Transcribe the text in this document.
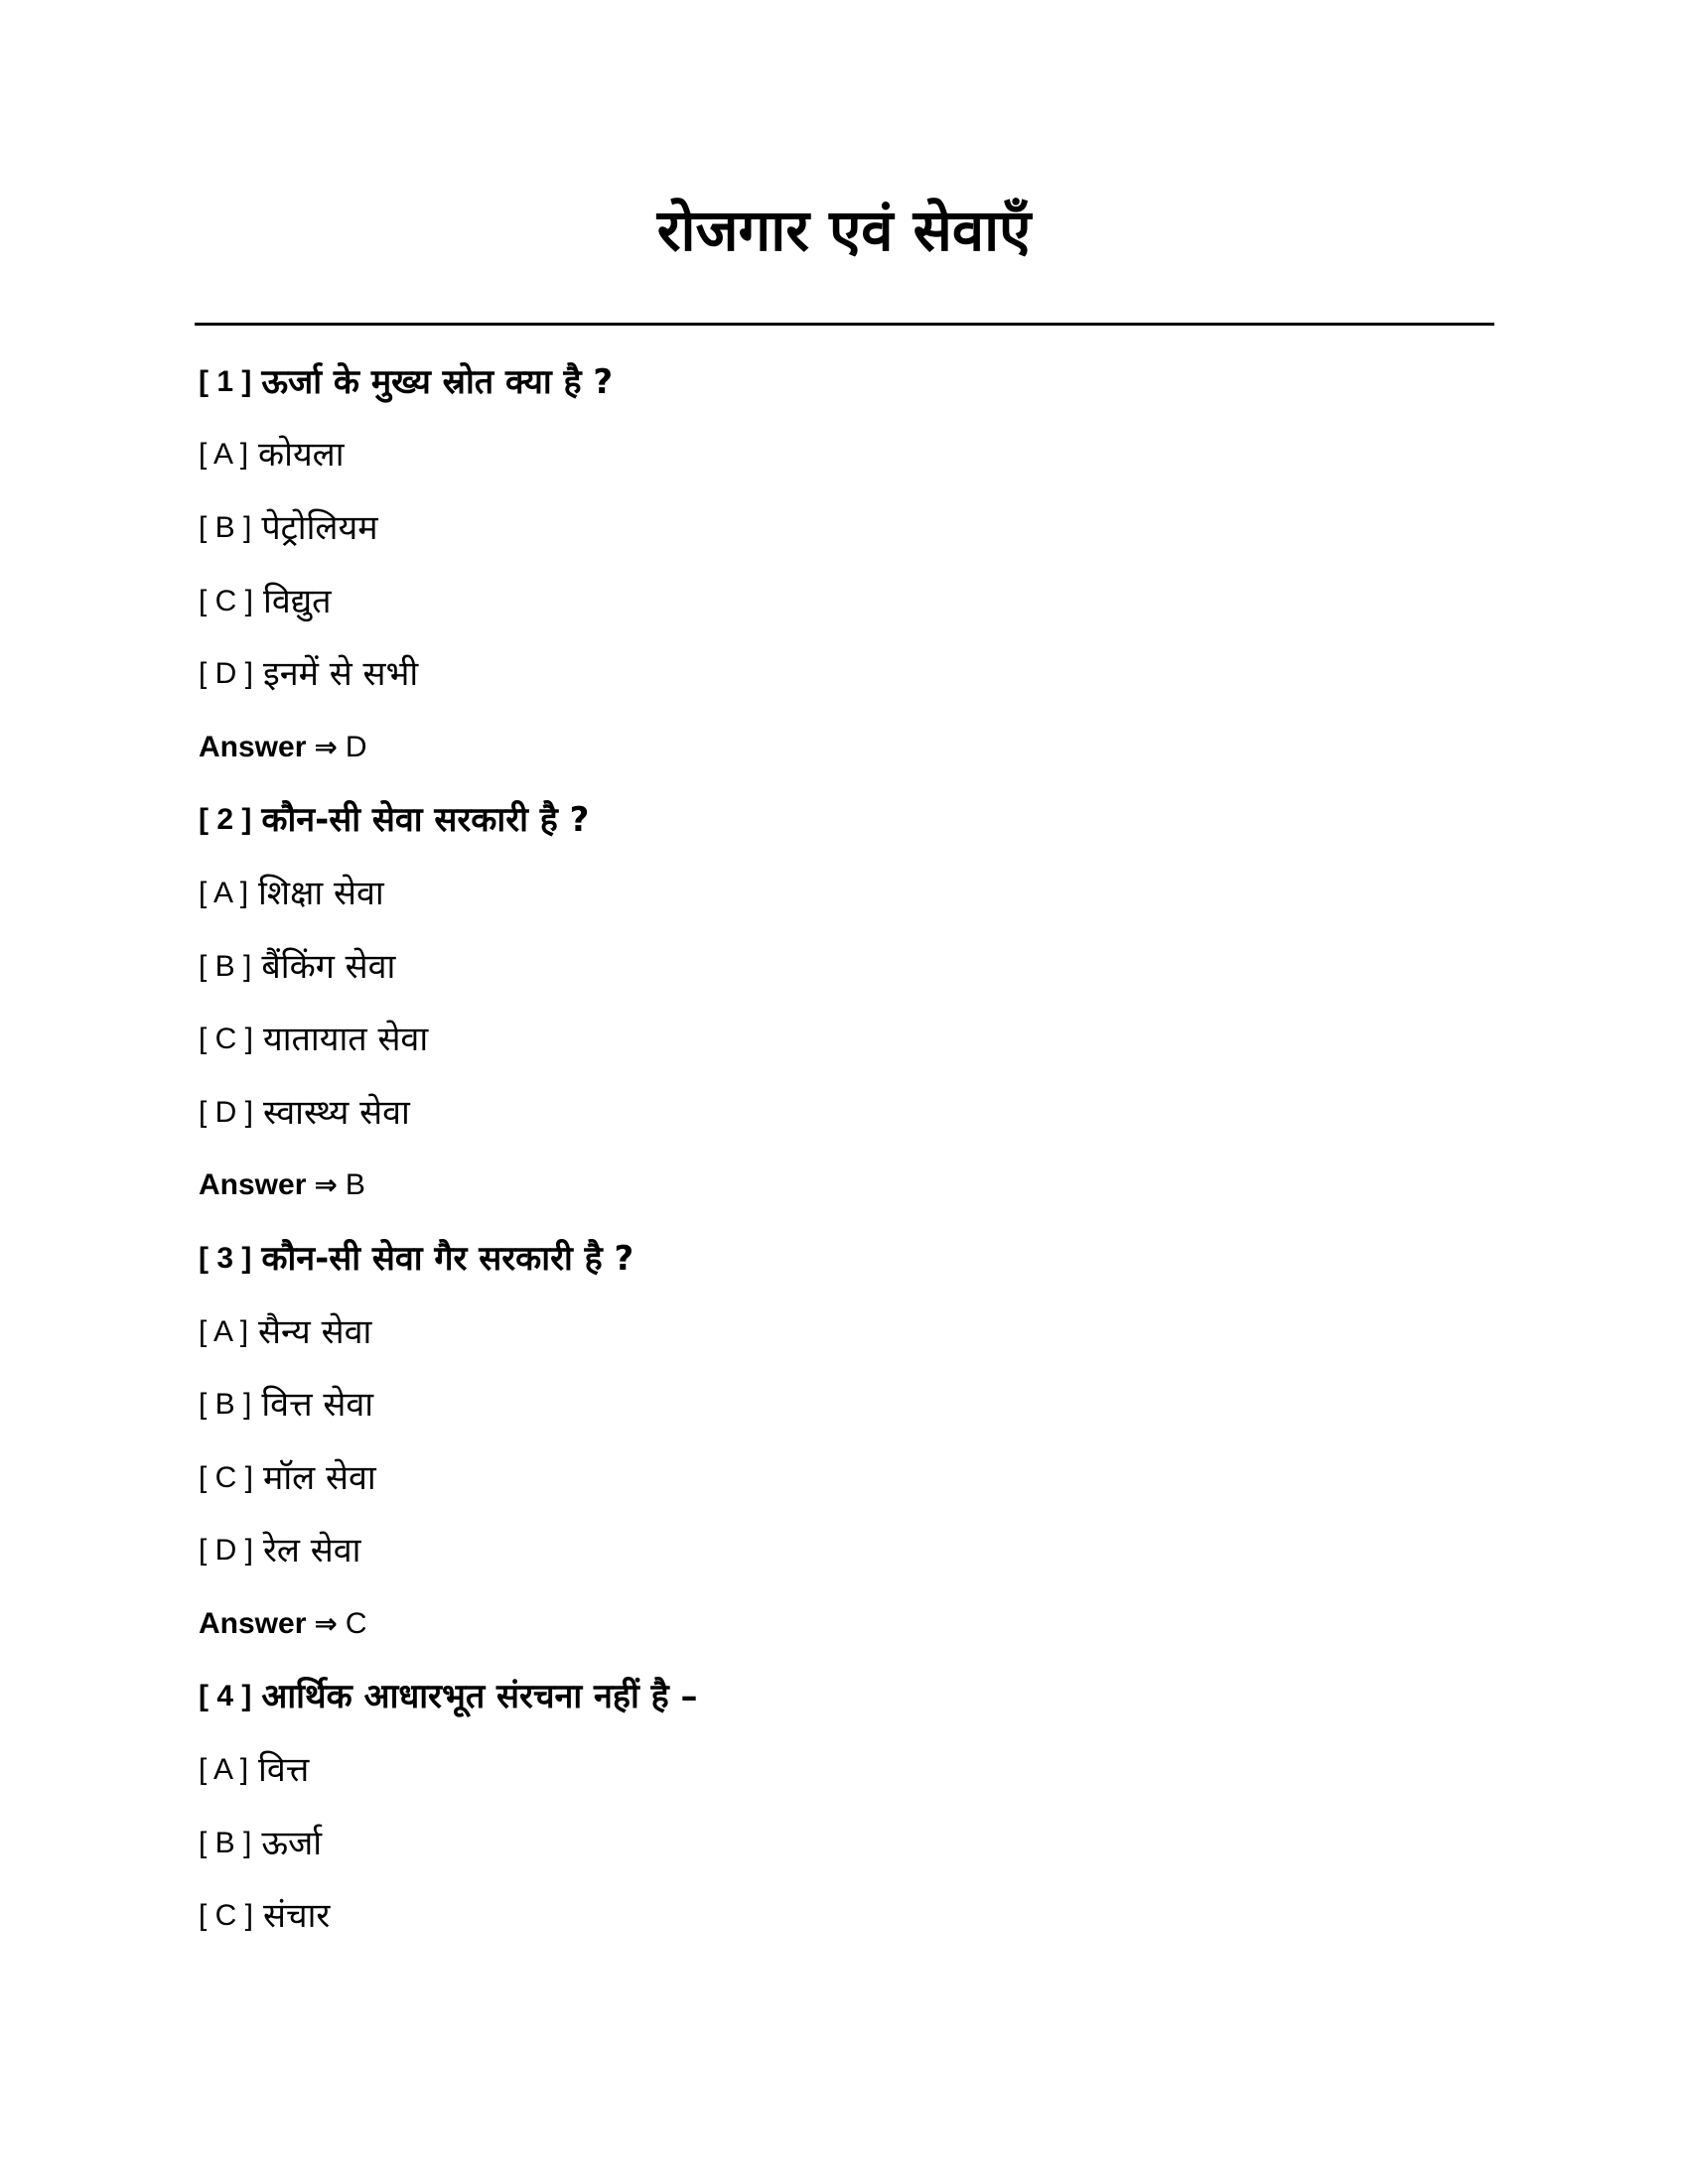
रोजगार एवं सेवाएँ
[ 1 ] ऊर्जा के मुख्य स्रोत क्या है ?
[ A ] कोयला
[ B ] पेट्रोलियम
[ C ] विद्युत
[ D ] इनमें से सभी
Answer ⇒ D
[ 2 ] कौन-सी सेवा सरकारी है ?
[ A ] शिक्षा सेवा
[ B ] बैंकिंग सेवा
[ C ] यातायात सेवा
[ D ] स्वास्थ्य सेवा
Answer ⇒ B
[ 3 ] कौन-सी सेवा गैर सरकारी है ?
[ A ] सैन्य सेवा
[ B ] वित्त सेवा
[ C ] मॉल सेवा
[ D ] रेल सेवा
Answer ⇒ C
[ 4 ] आर्थिक आधारभूत संरचना नहीं है –
[ A ] वित्त
[ B ] ऊर्जा
[ C ] संचार
